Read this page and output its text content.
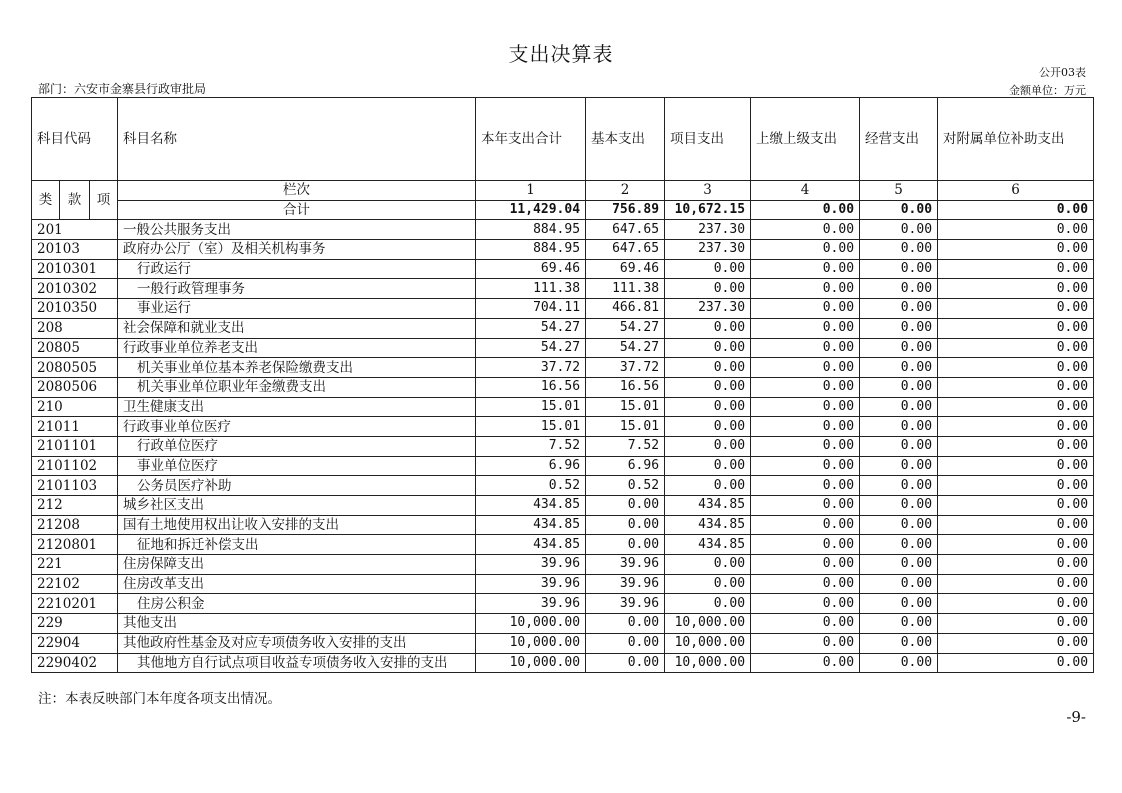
支出决算表
公开03表
部门：六安市金寨县行政审批局	金额单位：万元
科目代码			科目名称	本年支出合计	基本支出	项目支出	上缴上级支出	经营支出	对附属单位补助支出
类	款	项	栏次	1	2	3	4	5	6
			合计	11,429.04	756.89	10,672.15	0.00	0.00	0.00
201			一般公共服务支出	884.95	647.65	237.30	0.00	0.00	0.00
20103			政府办公厅（室）及相关机构事务	884.95	647.65	237.30	0.00	0.00	0.00
2010301			行政运行	69.46	69.46	0.00	0.00	0.00	0.00
2010302			一般行政管理事务	111.38	111.38	0.00	0.00	0.00	0.00
2010350			事业运行	704.11	466.81	237.30	0.00	0.00	0.00
208			社会保障和就业支出	54.27	54.27	0.00	0.00	0.00	0.00
20805			行政事业单位养老支出	54.27	54.27	0.00	0.00	0.00	0.00
2080505			机关事业单位基本养老保险缴费支出	37.72	37.72	0.00	0.00	0.00	0.00
2080506			机关事业单位职业年金缴费支出	16.56	16.56	0.00	0.00	0.00	0.00
210			卫生健康支出	15.01	15.01	0.00	0.00	0.00	0.00
21011			行政事业单位医疗	15.01	15.01	0.00	0.00	0.00	0.00
2101101			行政单位医疗	7.52	7.52	0.00	0.00	0.00	0.00
2101102			事业单位医疗	6.96	6.96	0.00	0.00	0.00	0.00
2101103			公务员医疗补助	0.52	0.52	0.00	0.00	0.00	0.00
212			城乡社区支出	434.85	0.00	434.85	0.00	0.00	0.00
21208			国有土地使用权出让收入安排的支出	434.85	0.00	434.85	0.00	0.00	0.00
2120801			征地和拆迁补偿支出	434.85	0.00	434.85	0.00	0.00	0.00
221			住房保障支出	39.96	39.96	0.00	0.00	0.00	0.00
22102			住房改革支出	39.96	39.96	0.00	0.00	0.00	0.00
2210201			住房公积金	39.96	39.96	0.00	0.00	0.00	0.00
229			其他支出	10,000.00	0.00	10,000.00	0.00	0.00	0.00
22904			其他政府性基金及对应专项债务收入安排的支出	10,000.00	0.00	10,000.00	0.00	0.00	0.00
2290402			其他地方自行试点项目收益专项债务收入安排的支出	10,000.00	0.00	10,000.00	0.00	0.00	0.00
注：本表反映部门本年度各项支出情况。
-9-
